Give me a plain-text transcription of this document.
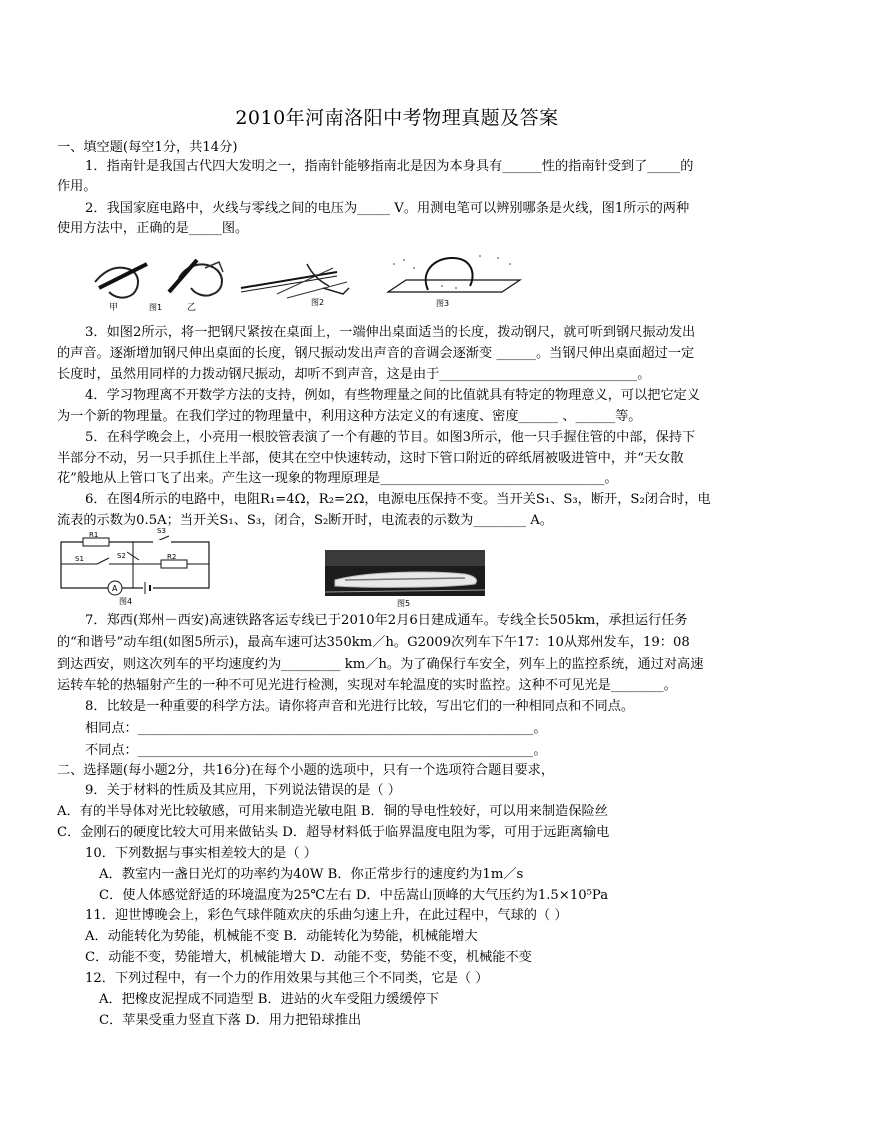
2010年河南洛阳中考物理真题及答案
一、填空题(每空1分，共14分)
1．指南针是我国古代四大发明之一，指南针能够指南北是因为本身具有______性的指南针受到了_____的
作用。
2．我国家庭电路中，火线与零线之间的电压为_____ V。用测电笔可以辨别哪条是火线，图1所示的两种
使用方法中，正确的是_____图。
甲	乙
图1
图2	图3
3．如图2所示，将一把钢尺紧按在桌面上，一端伸出桌面适当的长度，拨动钢尺，就可听到钢尺振动发出
的声音。逐渐增加钢尺伸出桌面的长度，钢尺振动发出声音的音调会逐渐变 ______。当钢尺伸出桌面超过一定
长度时，虽然用同样的力拨动钢尺振动，却听不到声音，这是由于______________________________。
4．学习物理离不开数学方法的支持，例如，有些物理量之间的比值就具有特定的物理意义，可以把它定义
为一个新的物理量。在我们学过的物理量中，利用这种方法定义的有速度、密度______ 、______等。
5．在科学晚会上，小亮用一根胶管表演了一个有趣的节目。如图3所示，他一只手握住管的中部，保持下
半部分不动，另一只手抓住上半部，使其在空中快速转动，这时下管口附近的碎纸屑被吸进管中，并“天女散
花”般地从上管口飞了出来。产生这一现象的物理原理是__________________________________。
6．在图4所示的电路中，电阻R₁=4Ω，R₂=2Ω，电源电压保持不变。当开关S₁、S₃，断开，S₂闭合时，电
流表的示数为0.5A；当开关S₁、S₃，闭合，S₂断开时，电流表的示数为________ A。
R1
R2
S3
S2
S1
A
图4	图5
7．郑西(郑州－西安)高速铁路客运专线已于2010年2月6日建成通车。专线全长505km，承担运行任务
的“和谐号”动车组(如图5所示)，最高车速可达350km／h。G2009次列车下午17：10从郑州发车，19：08
到达西安，则这次列车的平均速度约为_________ km／h。为了确保行车安全，列车上的监控系统，通过对高速
运转车轮的热辐射产生的一种不可见光进行检测，实现对车轮温度的实时监控。这种不可见光是________。
8．比较是一种重要的科学方法。请你将声音和光进行比较，写出它们的一种相同点和不同点。
相同点：____________________________________________________________。
不同点：____________________________________________________________。
二、选择题(每小题2分，共16分)在每个小题的选项中，只有一个选项符合题目要求，
9．关于材料的性质及其应用，下列说法错误的是（ ）
A．有的半导体对光比较敏感，可用来制造光敏电阻 B．铜的导电性较好，可以用来制造保险丝
C．金刚石的硬度比较大可用来做钻头 D．超导材料低于临界温度电阻为零，可用于远距离输电
10．下列数据与事实相差较大的是（ ）
A．教室内一盏日光灯的功率约为40W B．你正常步行的速度约为1m／s
C．使人体感觉舒适的环境温度为25℃左右 D．中岳嵩山顶峰的大气压约为1.5×10⁵Pa
11．迎世博晚会上，彩色气球伴随欢庆的乐曲匀速上升，在此过程中，气球的（ ）
A．动能转化为势能，机械能不变 B．动能转化为势能，机械能增大
C．动能不变，势能增大，机械能增大 D．动能不变，势能不变，机械能不变
12．下列过程中，有一个力的作用效果与其他三个不同类，它是（ ）
A．把橡皮泥捏成不同造型 B．进站的火车受阻力缓缓停下
C．苹果受重力竖直下落 D．用力把铅球推出
